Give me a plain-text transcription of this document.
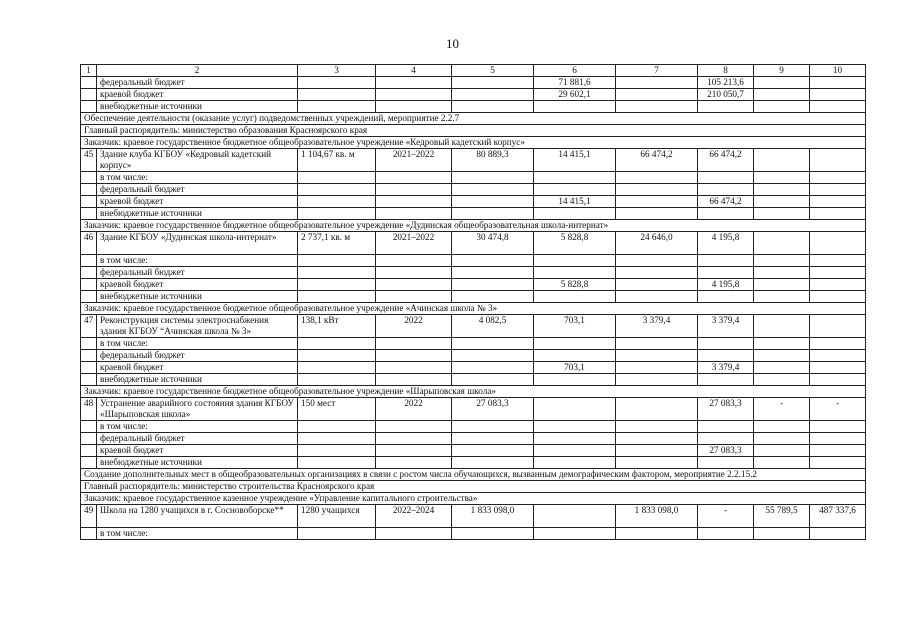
10
1	2	3	4	5	6	7	8	9	10
	федеральный бюджет				71 881,6		105 213,6		
	краевой бюджет				29 602,1		210 050,7		
	внебюджетные источники								
Обеспечение деятельности (оказание услуг) подведомственных учреждений, мероприятие 2.2.7									
Главный распорядитель: министерство образования Красноярского края									
Заказчик: краевое государственное бюджетное общеобразовательное учреждение «Кедровый кадетский корпус»									
45	Здание клуба КГБОУ «Кедровый кадетский корпус»	1 104,67 кв. м	2021–2022	80 889,3	14 415,1	66 474,2	66 474,2		
	в том числе:								
	федеральный бюджет								
	краевой бюджет				14 415,1		66 474,2		
	внебюджетные источники								
Заказчик: краевое государственное бюджетное общеобразовательное учреждение «Дудинская общеобразовательная школа-интернат»									
46	Здание КГБОУ «Дудинская школа-интернат»	2 737,1 кв. м	2021–2022	30 474,8	5 828,8	24 646,0	4 195,8		
	в том числе:								
	федеральный бюджет								
	краевой бюджет				5 828,8		4 195,8		
	внебюджетные источники								
Заказчик: краевое государственное бюджетное общеобразовательное учреждение «Ачинская школа № 3»									
47	Реконструкция системы электроснабжения здания КГБОУ “Ачинская школа № 3»	138,1 кВт	2022	4 082,5	703,1	3 379,4	3 379,4		
	в том числе:								
	федеральный бюджет								
	краевой бюджет				703,1		3 379,4		
	внебюджетные источники								
Заказчик: краевое государственное бюджетное общеобразовательное учреждение «Шарыповская школа»									
48	Устранение аварийного состояния здания КГБОУ «Шарыповская школа»	150 мест	2022	27 083,3			27 083,3	-	-
	в том числе:								
	федеральный бюджет								
	краевой бюджет						27 083,3		
	внебюджетные источники								
Создание дополнительных мест в общеобразовательных организациях в связи с ростом числа обучающихся, вызванным демографическим фактором, мероприятие 2.2.15.2									
Главный распорядитель: министерство строительства Красноярского края									
Заказчик: краевое государственное казенное учреждение «Управление капитального строительства»									
49	Школа на 1280 учащихся в г. Сосновоборске**	1280 учащихся	2022–2024	1 833 098,0		1 833 098,0	-	55 789,5	487 337,6
	в том числе:								
